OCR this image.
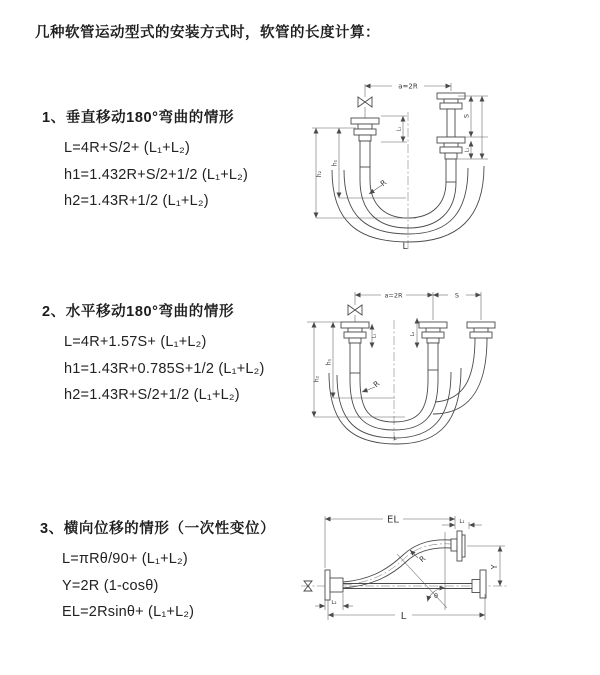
几种软管运动型式的安装方式时，软管的长度计算：
1、垂直移动180°弯曲的情形
L=4R+S/2+ (L₁+L₂)
h1=1.432R+S/2+1/2 (L₁+L₂)
h2=1.43R+1/2 (L₁+L₂)
2、水平移动180°弯曲的情形
L=4R+1.57S+ (L₁+L₂)
h1=1.43R+0.785S+1/2 (L₁+L₂)
h2=1.43R+S/2+1/2 (L₁+L₂)
3、横向位移的情形（一次性变位）
L=πRθ/90+ (L₁+L₂)
Y=2R (1-cosθ)
EL=2Rsinθ+ (L₁+L₂)
a=2R
S
L₁
L₁
h₁
h₂
R
L
a=2R	S
L₁	L₂
h₁
h₂	R
L
EL	L₁
Y
L
L₂
R
θ
